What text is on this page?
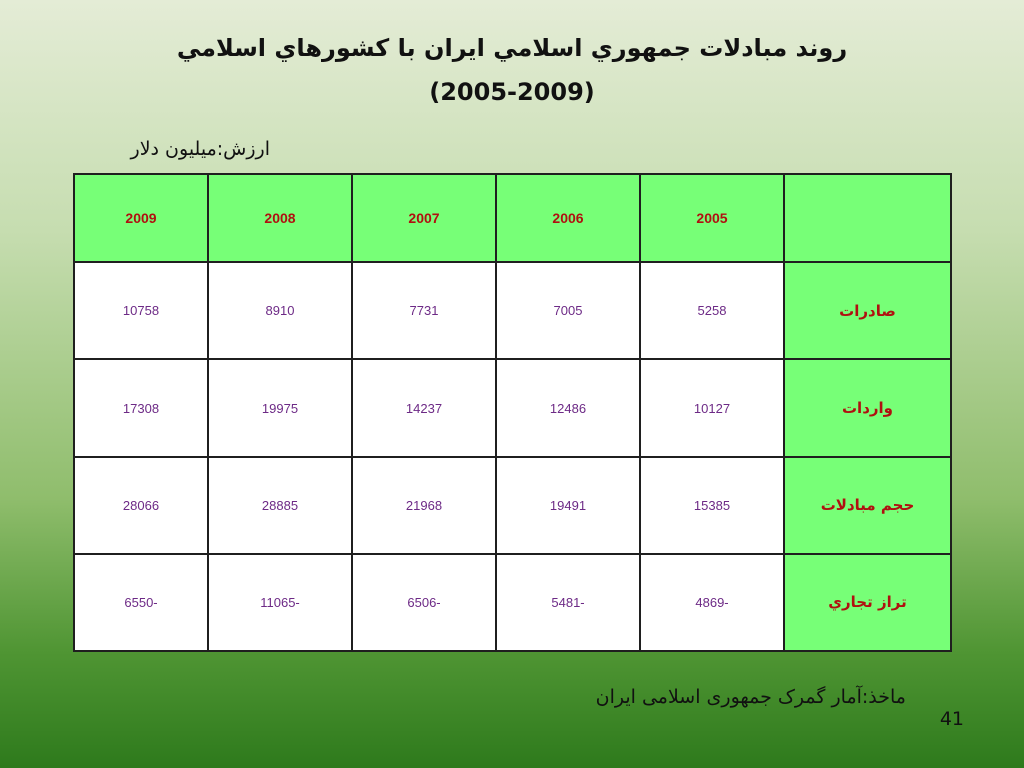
روند مبادلات جمهوري اسلامي ايران با کشورهاي اسلامي
(2005-2009)
ارزش:ميليون دلار
2009	2008	2007	2006	2005	
10758	8910	7731	7005	5258	صادرات
17308	19975	14237	12486	10127	واردات
28066	28885	21968	19491	15385	حجم مبادلات
6550-	11065-	6506-	5481-	4869-	تراز تجاري
ماخذ:آمار گمرک جمهوری اسلامی ایران
41
